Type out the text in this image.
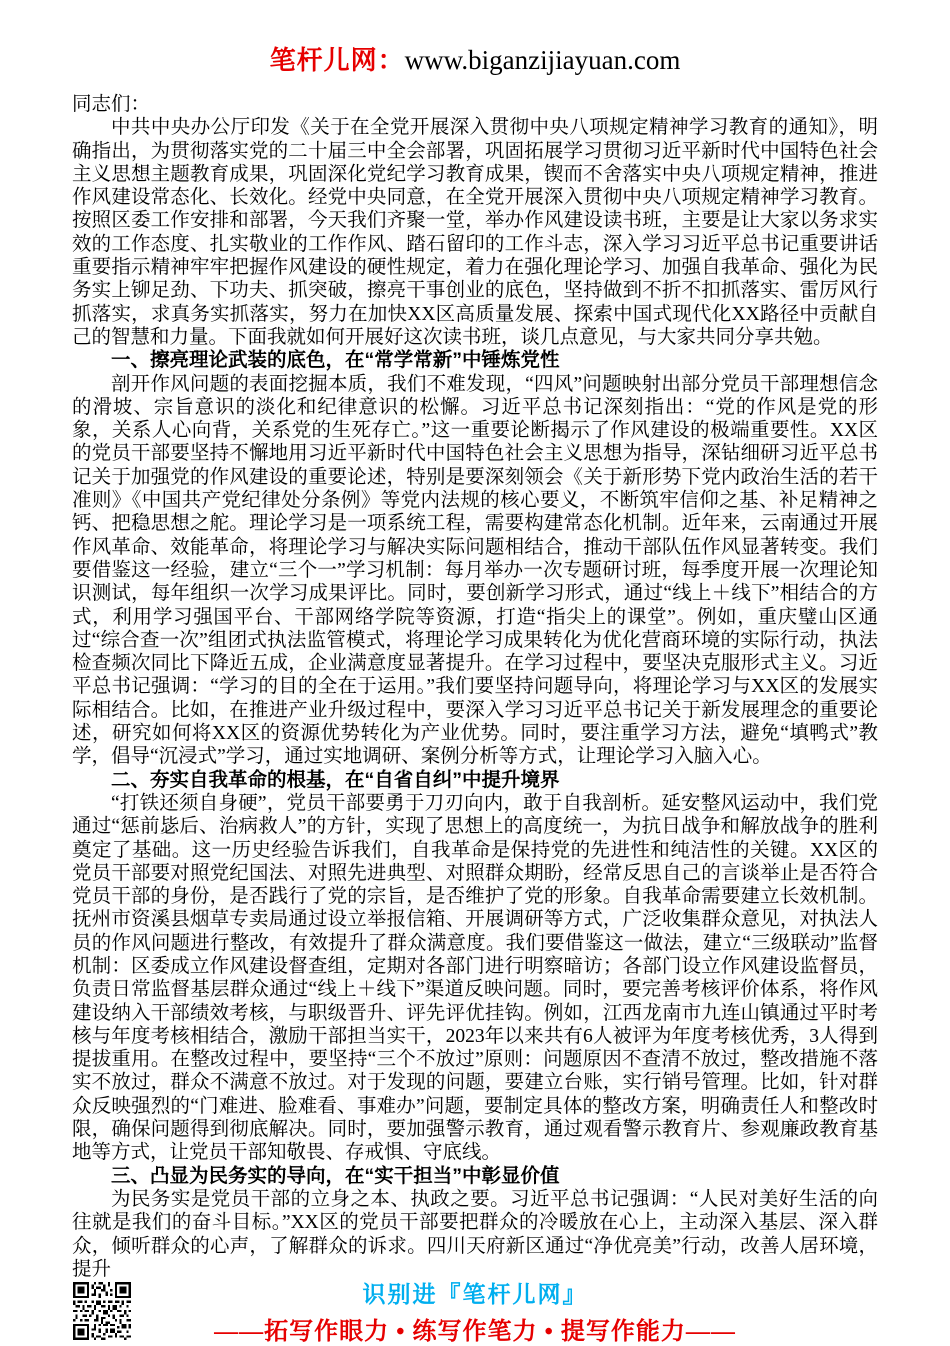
笔杆儿网：www.biganzijiayuan.com

同志们：

中共中央办公厅印发《关于在全党开展深入贯彻中央八项规定精神学习教育的通知》，明确指出，为贯彻落实党的二十届三中全会部署，巩固拓展学习贯彻习近平新时代中国特色社会主义思想主题教育成果，巩固深化党纪学习教育成果，锲而不舍落实中央八项规定精神，推进作风建设常态化、长效化。经党中央同意，在全党开展深入贯彻中央八项规定精神学习教育。按照区委工作安排和部署，今天我们齐聚一堂，举办作风建设读书班，主要是让大家以务求实效的工作态度、扎实敬业的工作作风、踏石留印的工作斗志，深入学习习近平总书记重要讲话重要指示精神牢牢把握作风建设的硬性规定，着力在强化理论学习、加强自我革命、强化为民务实上铆足劲、下功夫、抓突破，擦亮干事创业的底色，坚持做到不折不扣抓落实、雷厉风行抓落实，求真务实抓落实，努力在加快XX区高质量发展、探索中国式现代化XX路径中贡献自己的智慧和力量。下面我就如何开展好这次读书班，谈几点意见，与大家共同分享共勉。

一、擦亮理论武装的底色，在“常学常新”中锤炼党性

剖开作风问题的表面挖掘本质，我们不难发现，“四风”问题映射出部分党员干部理想信念的滑坡、宗旨意识的淡化和纪律意识的松懈。习近平总书记深刻指出：“党的作风是党的形象，关系人心向背，关系党的生死存亡。”这一重要论断揭示了作风建设的极端重要性。XX区的党员干部要坚持不懈地用习近平新时代中国特色社会主义思想为指导，深钻细研习近平总书记关于加强党的作风建设的重要论述，特别是要深刻领会《关于新形势下党内政治生活的若干准则》《中国共产党纪律处分条例》等党内法规的核心要义，不断筑牢信仰之基、补足精神之钙、把稳思想之舵。理论学习是一项系统工程，需要构建常态化机制。近年来，云南通过开展作风革命、效能革命，将理论学习与解决实际问题相结合，推动干部队伍作风显著转变。我们要借鉴这一经验，建立“三个一”学习机制：每月举办一次专题研讨班，每季度开展一次理论知识测试，每年组织一次学习成果评比。同时，要创新学习形式，通过“线上＋线下”相结合的方式，利用学习强国平台、干部网络学院等资源，打造“指尖上的课堂”。例如，重庆璧山区通过“综合查一次”组团式执法监管模式，将理论学习成果转化为优化营商环境的实际行动，执法检查频次同比下降近五成，企业满意度显著提升。在学习过程中，要坚决克服形式主义。习近平总书记强调：“学习的目的全在于运用。”我们要坚持问题导向，将理论学习与XX区的发展实际相结合。比如，在推进产业升级过程中，要深入学习习近平总书记关于新发展理念的重要论述，研究如何将XX区的资源优势转化为产业优势。同时，要注重学习方法，避免“填鸭式”教学，倡导“沉浸式”学习，通过实地调研、案例分析等方式，让理论学习入脑入心。

二、夯实自我革命的根基，在“自省自纠”中提升境界

“打铁还须自身硬”，党员干部要勇于刀刃向内，敢于自我剖析。延安整风运动中，我们党通过“惩前毖后、治病救人”的方针，实现了思想上的高度统一，为抗日战争和解放战争的胜利奠定了基础。这一历史经验告诉我们，自我革命是保持党的先进性和纯洁性的关键。XX区的党员干部要对照党纪国法、对照先进典型、对照群众期盼，经常反思自己的言谈举止是否符合党员干部的身份，是否践行了党的宗旨，是否维护了党的形象。自我革命需要建立长效机制。抚州市资溪县烟草专卖局通过设立举报信箱、开展调研等方式，广泛收集群众意见，对执法人员的作风问题进行整改，有效提升了群众满意度。我们要借鉴这一做法，建立“三级联动”监督机制：区委成立作风建设督查组，定期对各部门进行明察暗访；各部门设立作风建设监督员，负责日常监督基层群众通过“线上＋线下”渠道反映问题。同时，要完善考核评价体系，将作风建设纳入干部绩效考核，与职级晋升、评先评优挂钩。例如，江西龙南市九连山镇通过平时考核与年度考核相结合，激励干部担当实干，2023年以来共有6人被评为年度考核优秀，3人得到提拔重用。在整改过程中，要坚持“三个不放过”原则：问题原因不查清不放过，整改措施不落实不放过，群众不满意不放过。对于发现的问题，要建立台账，实行销号管理。比如，针对群众反映强烈的“门难进、脸难看、事难办”问题，要制定具体的整改方案，明确责任人和整改时限，确保问题得到彻底解决。同时，要加强警示教育，通过观看警示教育片、参观廉政教育基地等方式，让党员干部知敬畏、存戒惧、守底线。

三、凸显为民务实的导向，在“实干担当”中彰显价值

为民务实是党员干部的立身之本、执政之要。习近平总书记强调：“人民对美好生活的向往就是我们的奋斗目标。”XX区的党员干部要把群众的冷暖放在心上，主动深入基层、深入群众，倾听群众的心声，了解群众的诉求。四川天府新区通过“净优亮美”行动，改善人居环境，提升

识别进『笔杆儿网』
——拓写作眼力 • 练写作笔力 • 提写作能力——
